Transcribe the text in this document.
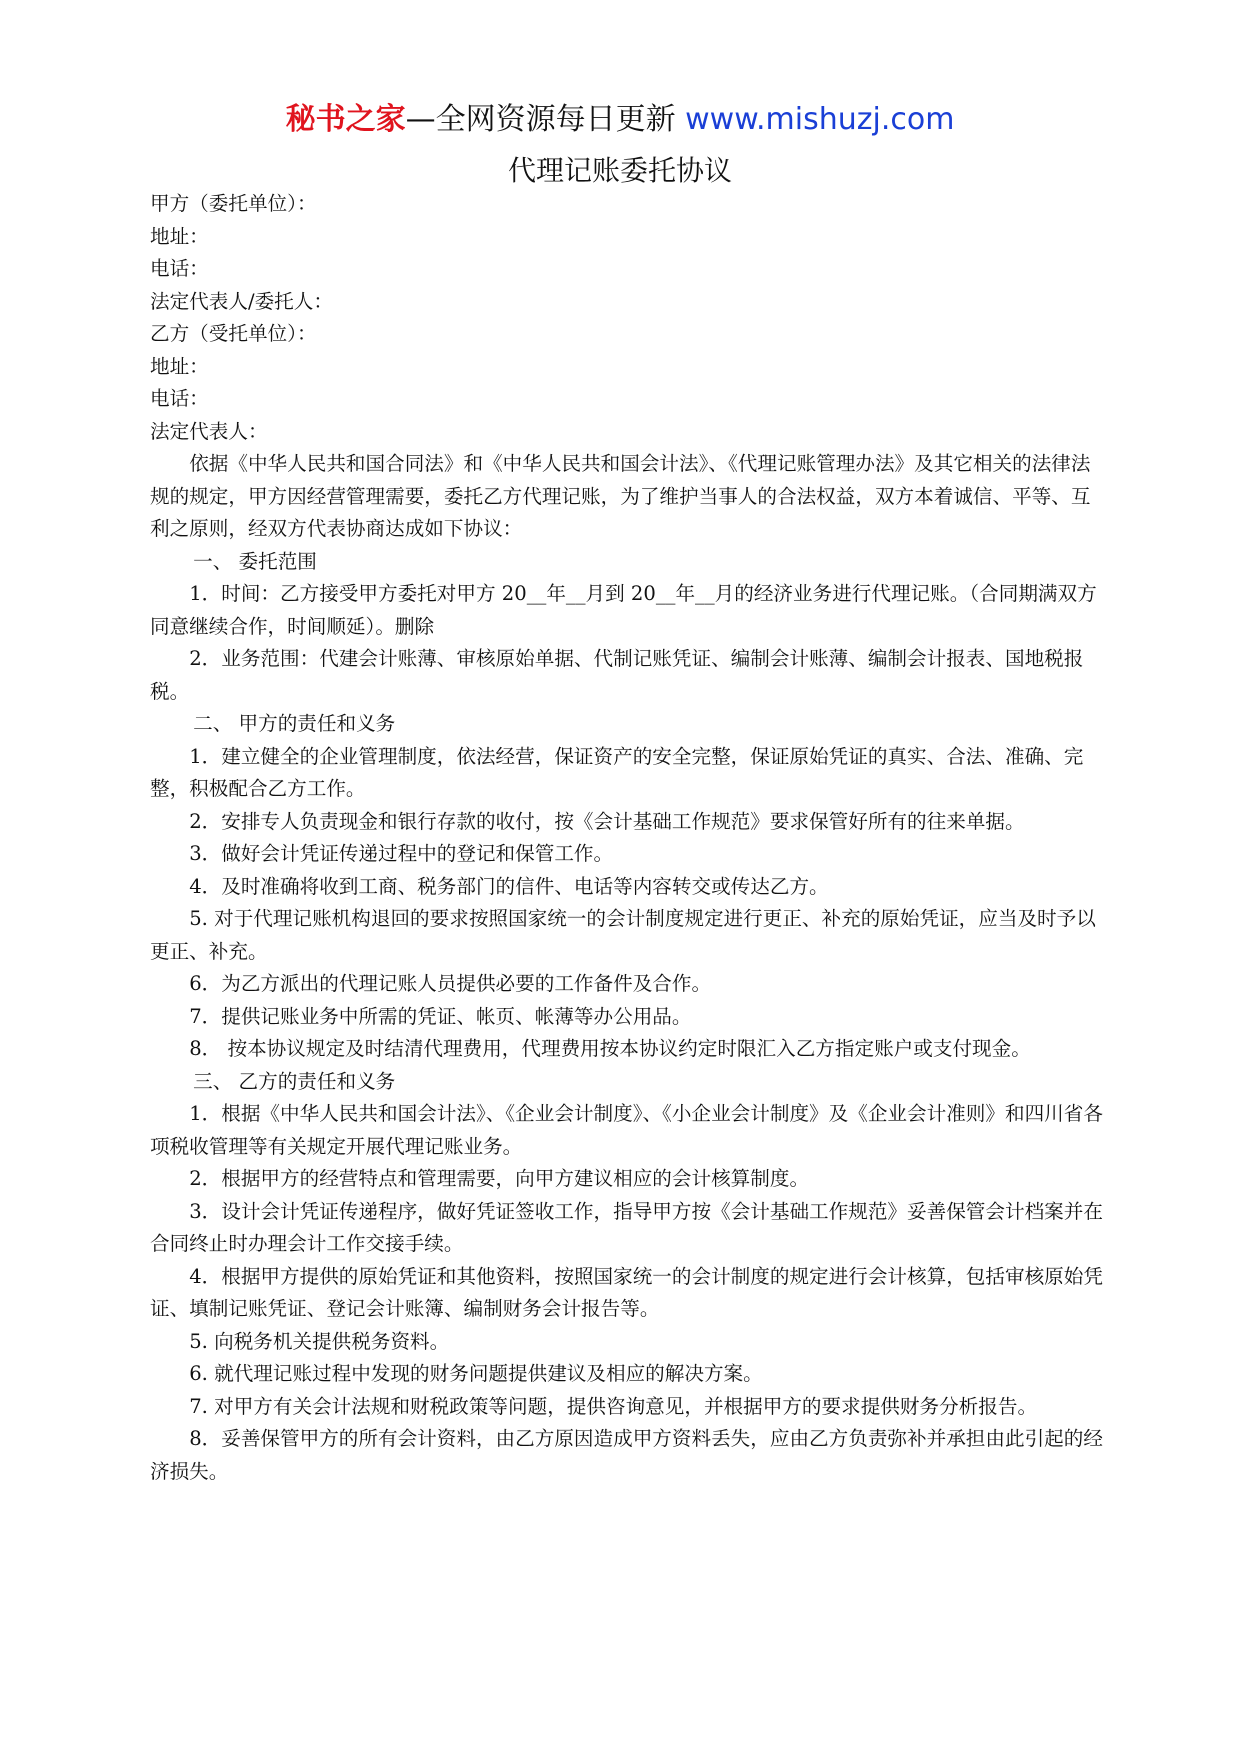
秘书之家—全网资源每日更新 www.mishuzj.com
代理记账委托协议

甲方（委托单位）：

地址：

电话：

法定代表人/委托人：

乙方（受托单位）：

地址：

电话：

法定代表人：

依据《中华人民共和国合同法》和《中华人民共和国会计法》、《代理记账管理办法》及其它相关的法律法规的规定，甲方因经营管理需要，委托乙方代理记账，为了维护当事人的合法权益，双方本着诚信、平等、互利之原则，经双方代表协商达成如下协议：

一、 委托范围

1．时间：乙方接受甲方委托对甲方 20__年__月到 20__年__月的经济业务进行代理记账。（合同期满双方同意继续合作，时间顺延）。删除

2．业务范围：代建会计账薄、审核原始单据、代制记账凭证、编制会计账薄、编制会计报表、国地税报税。

二、 甲方的责任和义务

1．建立健全的企业管理制度，依法经营，保证资产的安全完整，保证原始凭证的真实、合法、准确、完整，积极配合乙方工作。

2．安排专人负责现金和银行存款的收付，按《会计基础工作规范》要求保管好所有的往来单据。

3．做好会计凭证传递过程中的登记和保管工作。

4．及时准确将收到工商、税务部门的信件、电话等内容转交或传达乙方。

5. 对于代理记账机构退回的要求按照国家统一的会计制度规定进行更正、补充的原始凭证，应当及时予以更正、补充。

6．为乙方派出的代理记账人员提供必要的工作备件及合作。

7．提供记账业务中所需的凭证、帐页、帐薄等办公用品。

8． 按本协议规定及时结清代理费用，代理费用按本协议约定时限汇入乙方指定账户或支付现金。

三、 乙方的责任和义务

1．根据《中华人民共和国会计法》、《企业会计制度》、《小企业会计制度》及《企业会计准则》和四川省各项税收管理等有关规定开展代理记账业务。

2．根据甲方的经营特点和管理需要，向甲方建议相应的会计核算制度。

3．设计会计凭证传递程序，做好凭证签收工作，指导甲方按《会计基础工作规范》妥善保管会计档案并在合同终止时办理会计工作交接手续。

4．根据甲方提供的原始凭证和其他资料，按照国家统一的会计制度的规定进行会计核算，包括审核原始凭证、填制记账凭证、登记会计账簿、编制财务会计报告等。

5. 向税务机关提供税务资料。

6. 就代理记账过程中发现的财务问题提供建议及相应的解决方案。

7. 对甲方有关会计法规和财税政策等问题，提供咨询意见，并根据甲方的要求提供财务分析报告。

8．妥善保管甲方的所有会计资料，由乙方原因造成甲方资料丢失，应由乙方负责弥补并承担由此引起的经济损失。
